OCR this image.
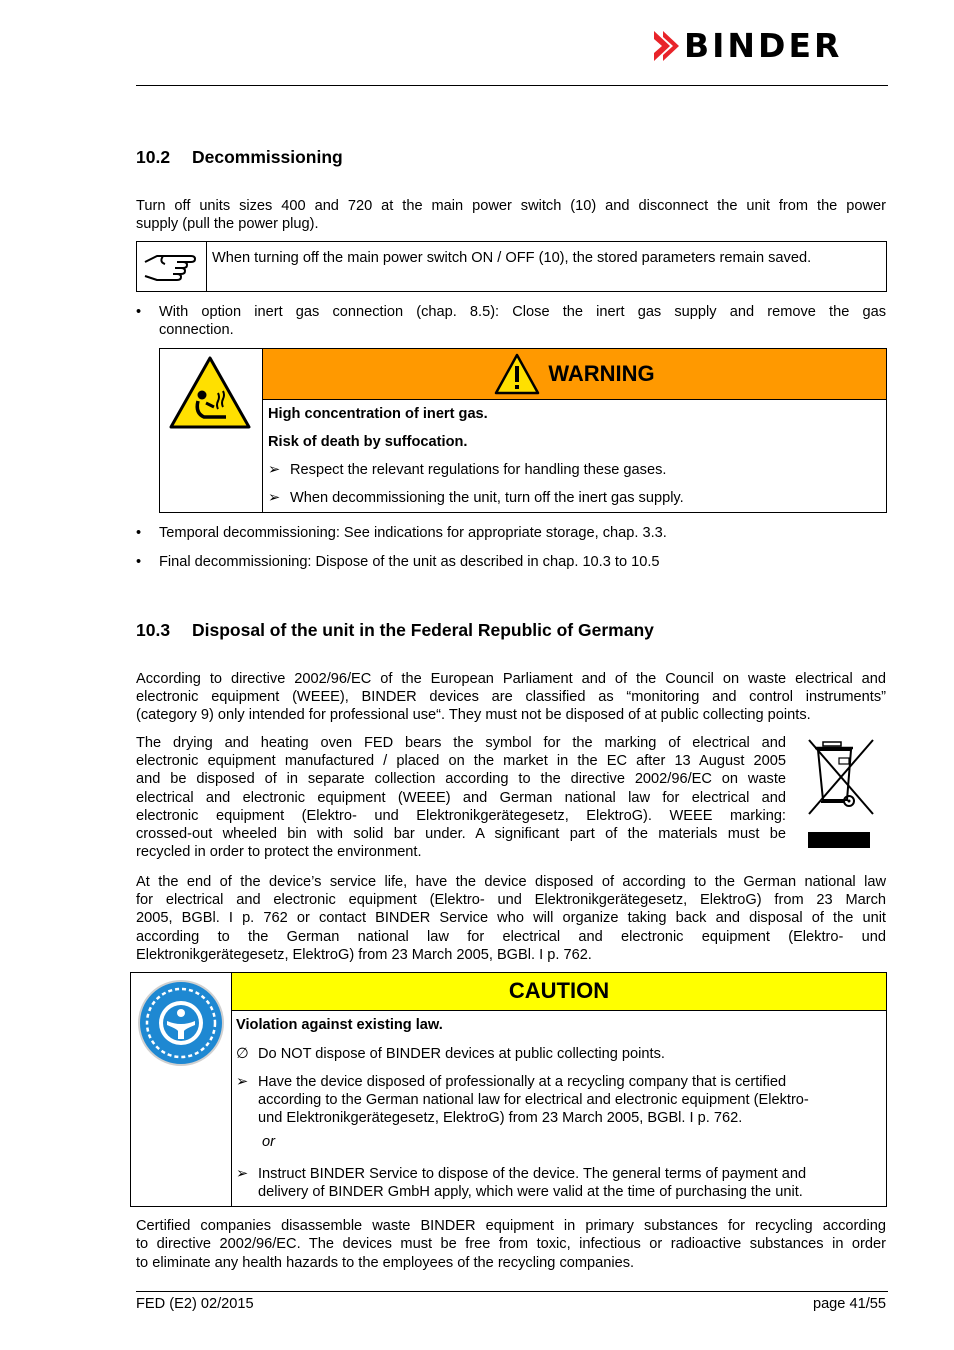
BINDER
10.2 Decommissioning
Turn off units sizes 400 and 720 at the main power switch (10) and disconnect the unit from the power
supply (pull the power plug).
When turning off the main power switch ON / OFF (10), the stored parameters remain saved.
•	With option inert gas connection (chap. 8.5): Close the inert gas supply and remove the gas
connection.
WARNING
High concentration of inert gas.
Risk of death by suffocation.
➢ Respect the relevant regulations for handling these gases.
➢ When decommissioning the unit, turn off the inert gas supply.
•	Temporal decommissioning: See indications for appropriate storage, chap. 3.3.
•	Final decommissioning: Dispose of the unit as described in chap. 10.3 to 10.5
10.3 Disposal of the unit in the Federal Republic of Germany
According to directive 2002/96/EC of the European Parliament and of the Council on waste electrical and
electronic equipment (WEEE), BINDER devices are classified as “monitoring and control instruments”
(category 9) only intended for professional use“. They must not be disposed of at public collecting points.
The drying and heating oven FED bears the symbol for the marking of electrical and
electronic equipment manufactured / placed on the market in the EC after 13 August 2005
and be disposed of in separate collection according to the directive 2002/96/EC on waste
electrical and electronic equipment (WEEE) and German national law for electrical and
electronic equipment (Elektro- und Elektronikgerätegesetz, ElektroG). WEEE marking:
crossed-out wheeled bin with solid bar under. A significant part of the materials must be
recycled in order to protect the environment.
At the end of the device’s service life, have the device disposed of according to the German national law
for electrical and electronic equipment (Elektro- und Elektronikgerätegesetz, ElektroG) from 23 March
2005, BGBl. I p. 762 or contact BINDER Service who will organize taking back and disposal of the unit
according to the German national law for electrical and electronic equipment (Elektro- und
Elektronikgerätegesetz, ElektroG) from 23 March 2005, BGBl. I p. 762.
CAUTION
Violation against existing law.
∅ Do NOT dispose of BINDER devices at public collecting points.
➢ Have the device disposed of professionally at a recycling company that is certified
according to the German national law for electrical and electronic equipment (Elektro-
und Elektronikgerätegesetz, ElektroG) from 23 March 2005, BGBl. I p. 762.
or
➢ Instruct BINDER Service to dispose of the device. The general terms of payment and
delivery of BINDER GmbH apply, which were valid at the time of purchasing the unit.
Certified companies disassemble waste BINDER equipment in primary substances for recycling according
to directive 2002/96/EC. The devices must be free from toxic, infectious or radioactive substances in order
to eliminate any health hazards to the employees of the recycling companies.
FED (E2) 02/2015	page 41/55
